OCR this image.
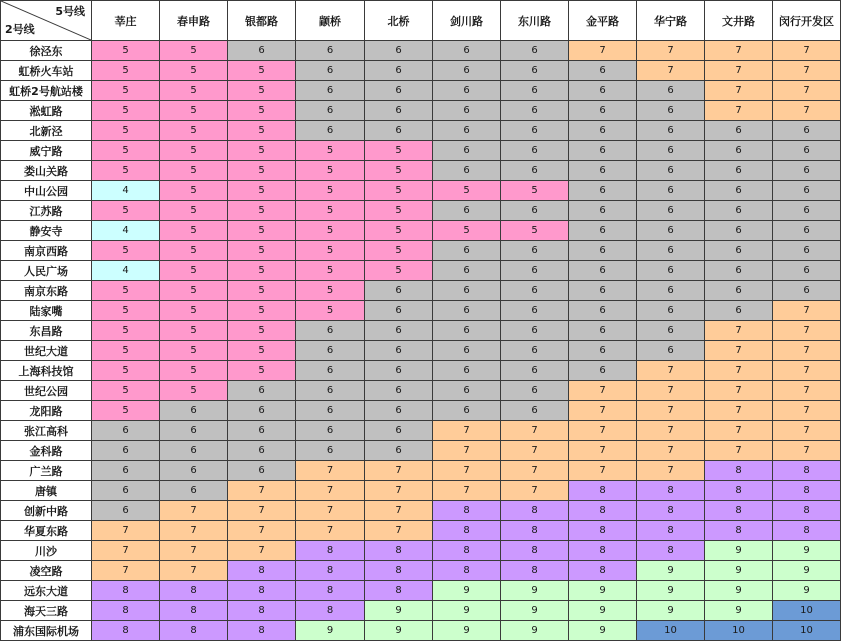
5号线
2号线	莘庄	春申路	银都路	颛桥	北桥	剑川路	东川路	金平路	华宁路	文井路	闵行开发区
徐泾东	5	5	6	6	6	6	6	7	7	7	7
虹桥火车站	5	5	5	6	6	6	6	6	7	7	7
虹桥2号航站楼	5	5	5	6	6	6	6	6	6	7	7
淞虹路	5	5	5	6	6	6	6	6	6	7	7
北新泾	5	5	5	6	6	6	6	6	6	6	6
威宁路	5	5	5	5	5	6	6	6	6	6	6
娄山关路	5	5	5	5	5	6	6	6	6	6	6
中山公园	4	5	5	5	5	5	5	6	6	6	6
江苏路	5	5	5	5	5	6	6	6	6	6	6
静安寺	4	5	5	5	5	5	5	6	6	6	6
南京西路	5	5	5	5	5	6	6	6	6	6	6
人民广场	4	5	5	5	5	6	6	6	6	6	6
南京东路	5	5	5	5	6	6	6	6	6	6	6
陆家嘴	5	5	5	5	6	6	6	6	6	6	7
东昌路	5	5	5	6	6	6	6	6	6	7	7
世纪大道	5	5	5	6	6	6	6	6	6	7	7
上海科技馆	5	5	5	6	6	6	6	6	7	7	7
世纪公园	5	5	6	6	6	6	6	7	7	7	7
龙阳路	5	6	6	6	6	6	6	7	7	7	7
张江高科	6	6	6	6	6	7	7	7	7	7	7
金科路	6	6	6	6	6	7	7	7	7	7	7
广兰路	6	6	6	7	7	7	7	7	7	8	8
唐镇	6	6	7	7	7	7	7	8	8	8	8
创新中路	6	7	7	7	7	8	8	8	8	8	8
华夏东路	7	7	7	7	7	8	8	8	8	8	8
川沙	7	7	7	8	8	8	8	8	8	9	9
凌空路	7	7	8	8	8	8	8	8	9	9	9
远东大道	8	8	8	8	8	9	9	9	9	9	9
海天三路	8	8	8	8	9	9	9	9	9	9	10
浦东国际机场	8	8	8	9	9	9	9	9	10	10	10
